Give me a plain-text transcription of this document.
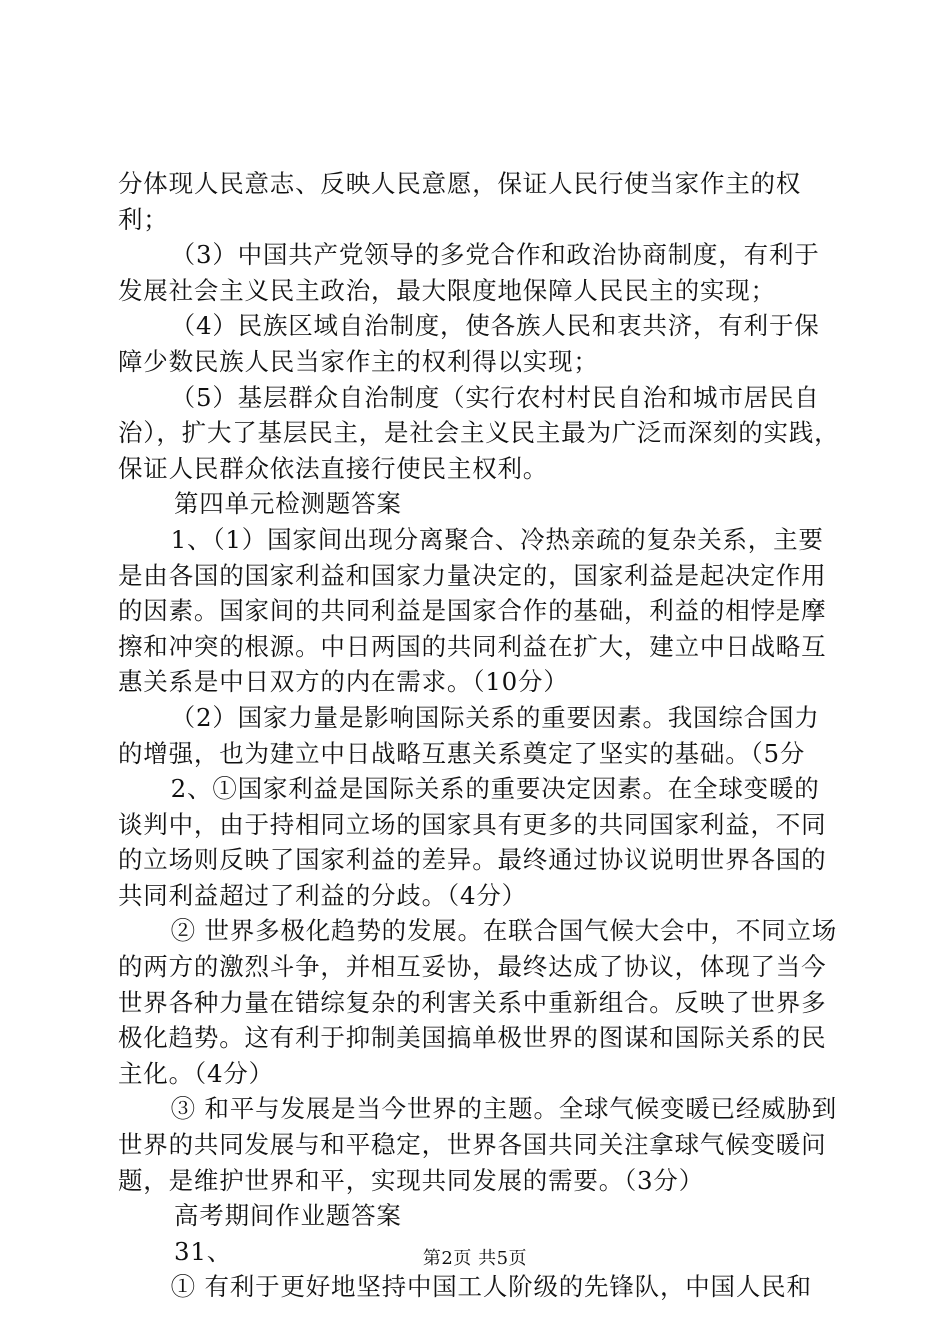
分体现人民意志、反映人民意愿，保证人民行使当家作主的权利；

（3）中国共产党领导的多党合作和政治协商制度，有利于发展社会主义民主政治，最大限度地保障人民民主的实现；

（4）民族区域自治制度，使各族人民和衷共济，有利于保障少数民族人民当家作主的权利得以实现；

（5）基层群众自治制度（实行农村村民自治和城市居民自治），扩大了基层民主，是社会主义民主最为广泛而深刻的实践，保证人民群众依法直接行使民主权利。

第四单元检测题答案

1、（1）国家间出现分离聚合、冷热亲疏的复杂关系，主要是由各国的国家利益和国家力量决定的，国家利益是起决定作用的因素。国家间的共同利益是国家合作的基础，利益的相悖是摩擦和冲突的根源。中日两国的共同利益在扩大，建立中日战略互惠关系是中日双方的内在需求。（10分）

（2）国家力量是影响国际关系的重要因素。我国综合国力的增强，也为建立中日战略互惠关系奠定了坚实的基础。（5分

2、①国家利益是国际关系的重要决定因素。在全球变暖的谈判中，由于持相同立场的国家具有更多的共同国家利益，不同的立场则反映了国家利益的差异。最终通过协议说明世界各国的共同利益超过了利益的分歧。（4分）

② 世界多极化趋势的发展。在联合国气候大会中，不同立场的两方的激烈斗争，并相互妥协，最终达成了协议，体现了当今世界各种力量在错综复杂的利害关系中重新组合。反映了世界多极化趋势。这有利于抑制美国搞单极世界的图谋和国际关系的民主化。（4分）

③ 和平与发展是当今世界的主题。全球气候变暖已经威胁到世界的共同发展与和平稳定，世界各国共同关注拿球气候变暖问题，是维护世界和平，实现共同发展的需要。（3分）

高考期间作业题答案

31、

① 有利于更好地坚持中国工人阶级的先锋队，中国人民和

第2页 共5页
